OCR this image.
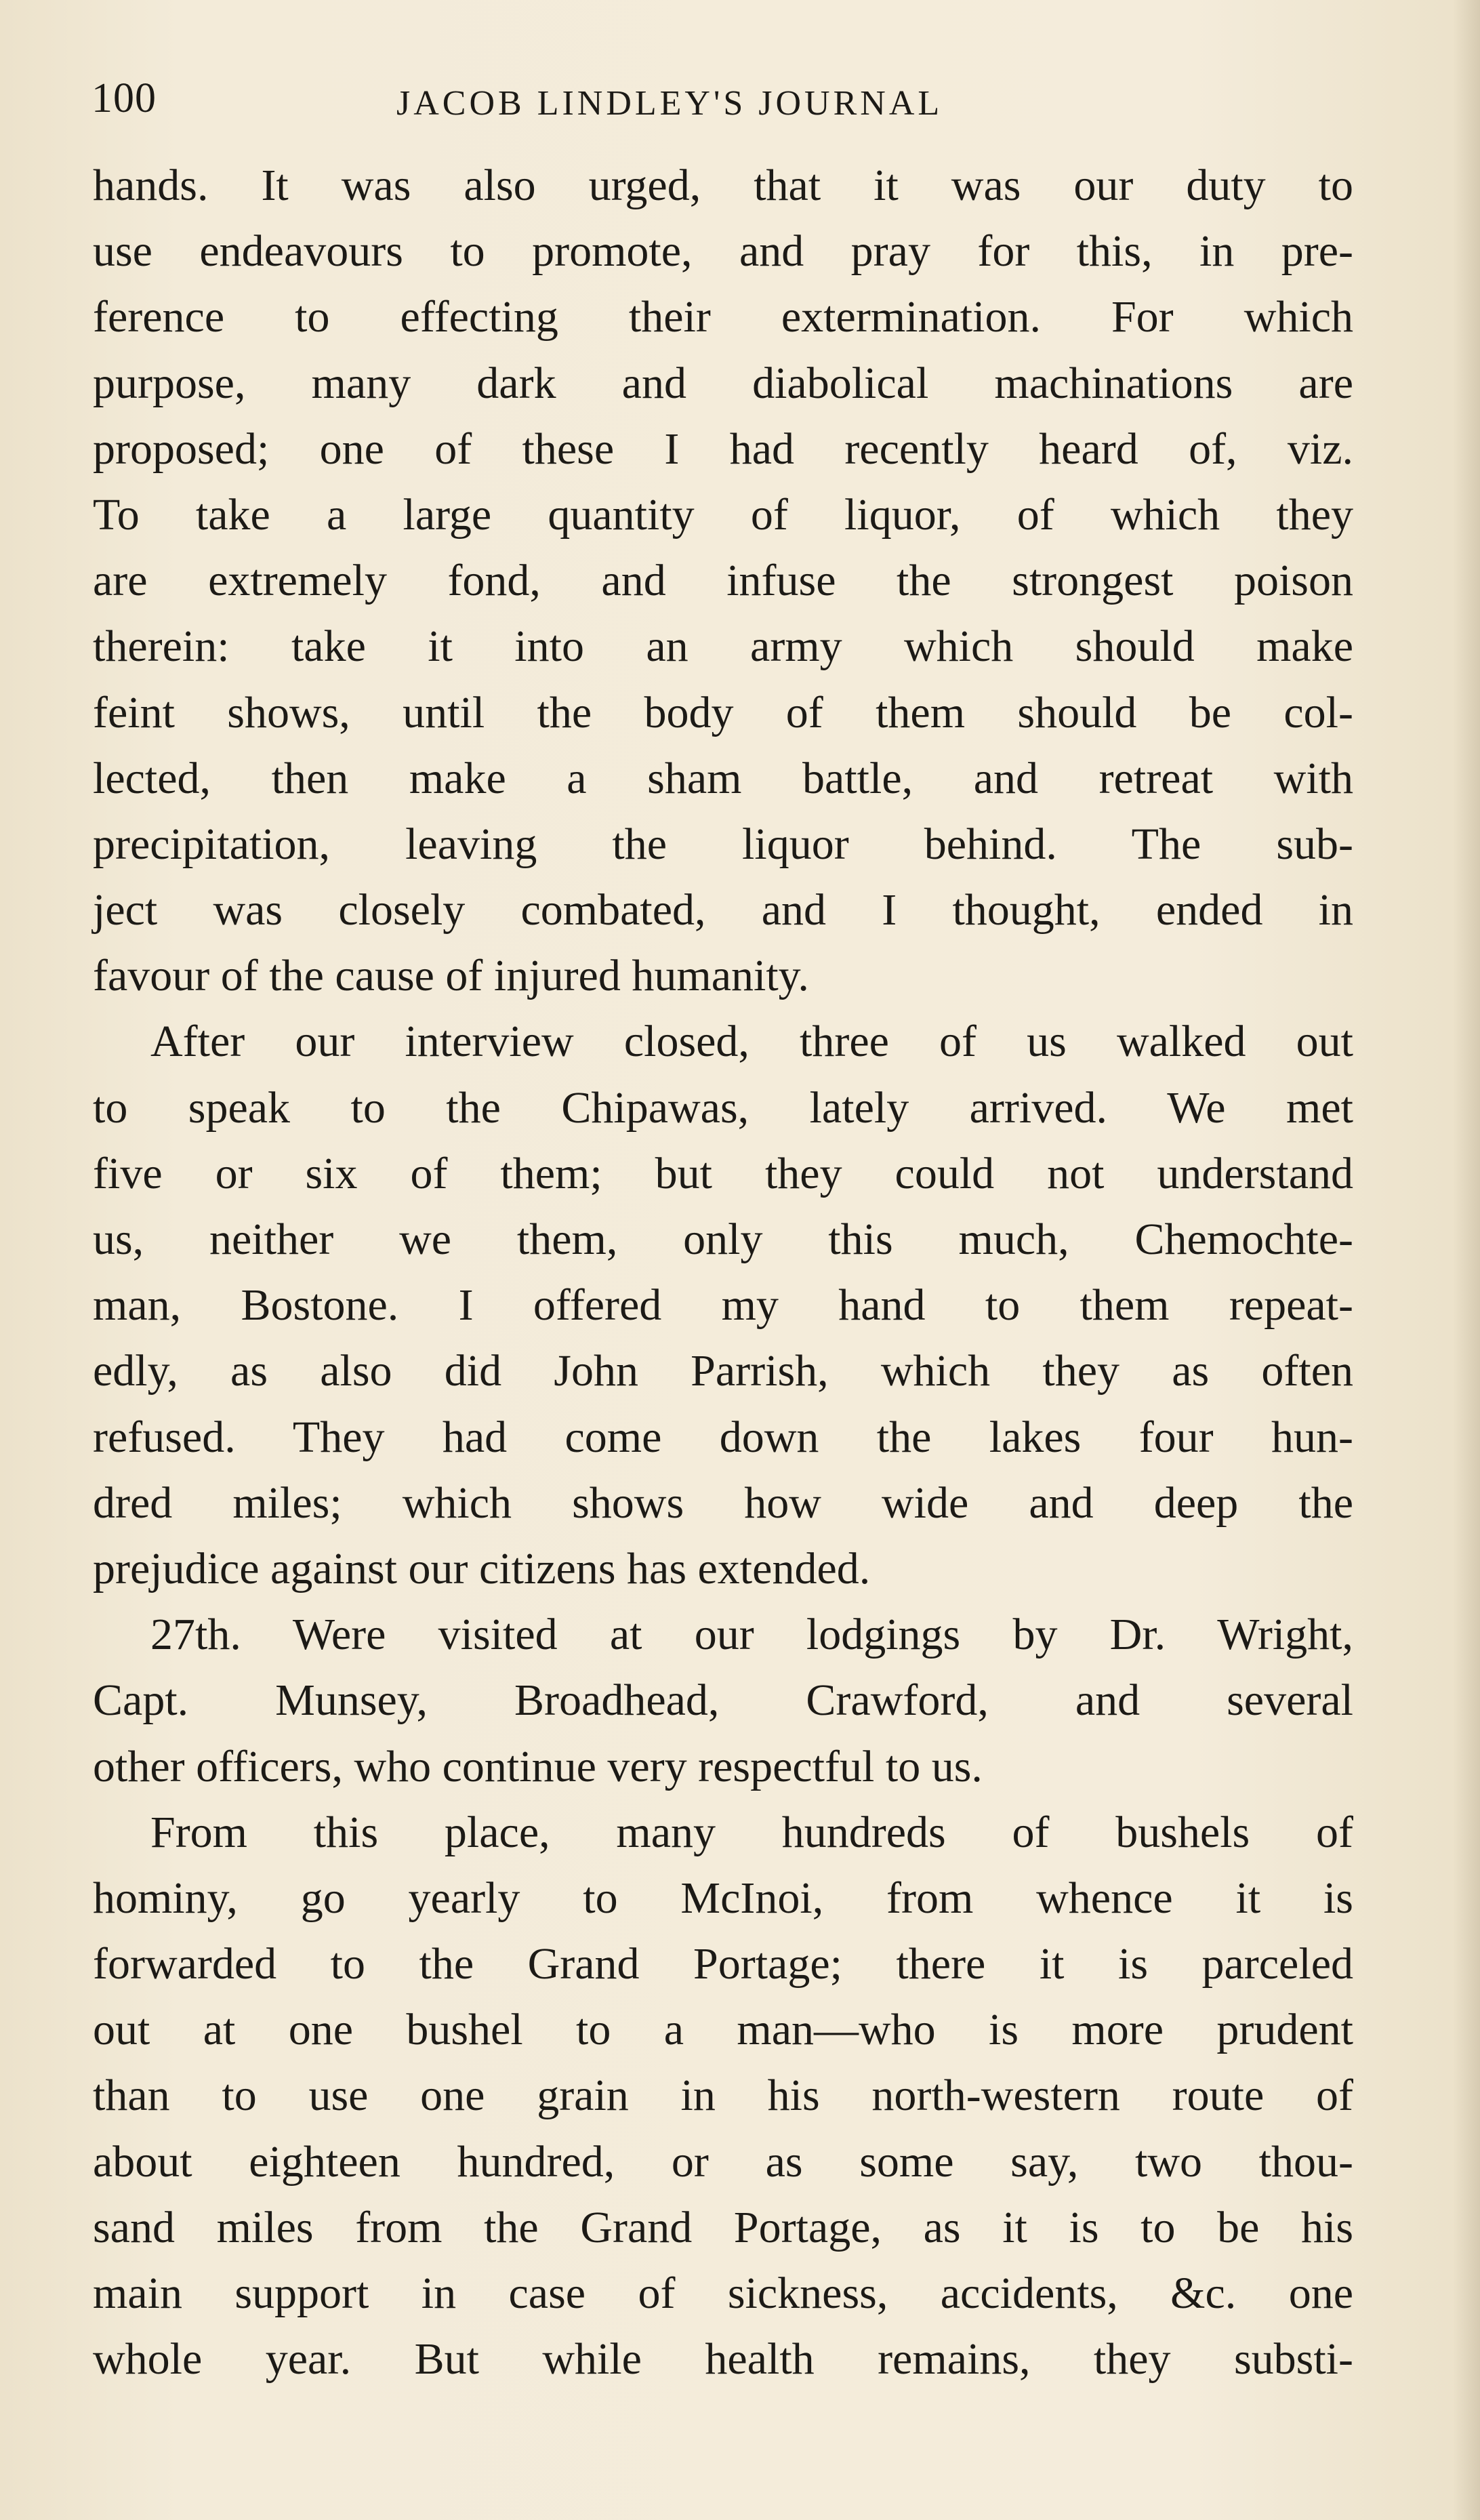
100	JACOB LINDLEY'S JOURNAL
hands. It was also urged, that it was our duty to
use endeavours to promote, and pray for this, in pre-
ference to effecting their extermination. For which
purpose, many dark and diabolical machinations are
proposed; one of these I had recently heard of, viz.
To take a large quantity of liquor, of which they
are extremely fond, and infuse the strongest poison
therein: take it into an army which should make
feint shows, until the body of them should be col-
lected, then make a sham battle, and retreat with
precipitation, leaving the liquor behind. The sub-
ject was closely combated, and I thought, ended in
favour of the cause of injured humanity.
After our interview closed, three of us walked out
to speak to the Chipawas, lately arrived. We met
five or six of them; but they could not understand
us, neither we them, only this much, Chemochte-
man, Bostone. I offered my hand to them repeat-
edly, as also did John Parrish, which they as often
refused. They had come down the lakes four hun-
dred miles; which shows how wide and deep the
prejudice against our citizens has extended.
27th. Were visited at our lodgings by Dr. Wright,
Capt. Munsey, Broadhead, Crawford, and several
other officers, who continue very respectful to us.
From this place, many hundreds of bushels of
hominy, go yearly to McInoi, from whence it is
forwarded to the Grand Portage; there it is parceled
out at one bushel to a man—who is more prudent
than to use one grain in his north-western route of
about eighteen hundred, or as some say, two thou-
sand miles from the Grand Portage, as it is to be his
main support in case of sickness, accidents, &c. one
whole year. But while health remains, they substi-
